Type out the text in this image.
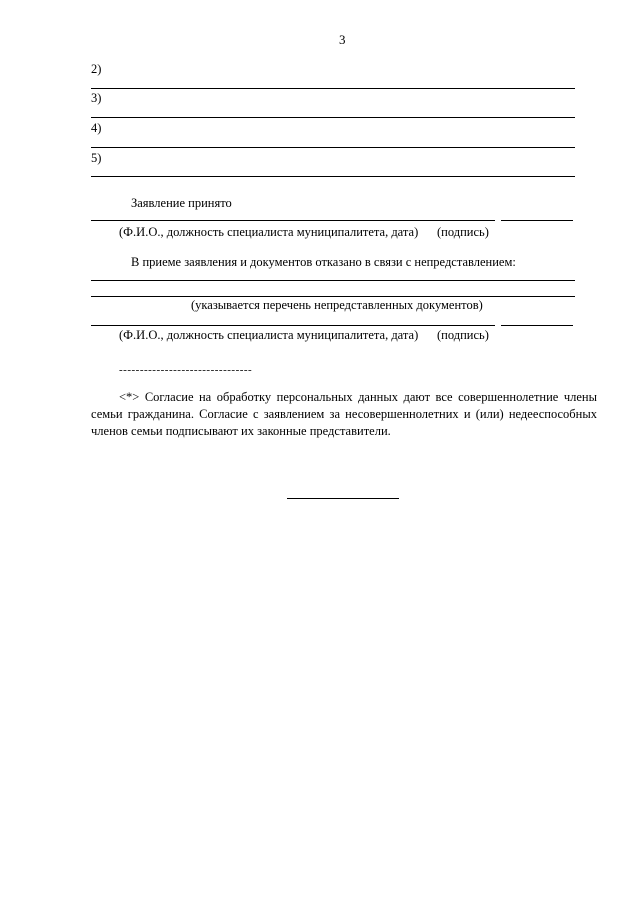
3
2)
3)
4)
5)
Заявление принято
(Ф.И.О., должность специалиста муниципалитета, дата) (подпись)
В приеме заявления и документов отказано в связи с непредставлением:
(указывается перечень непредставленных документов)
(Ф.И.О., должность специалиста муниципалитета, дата) (подпись)
--------------------------------
<*> Согласие на обработку персональных данных дают все совершеннолетние члены семьи гражданина. Согласие с заявлением за несовершеннолетних и (или) недееспособных членов семьи подписывают их законные представители.
